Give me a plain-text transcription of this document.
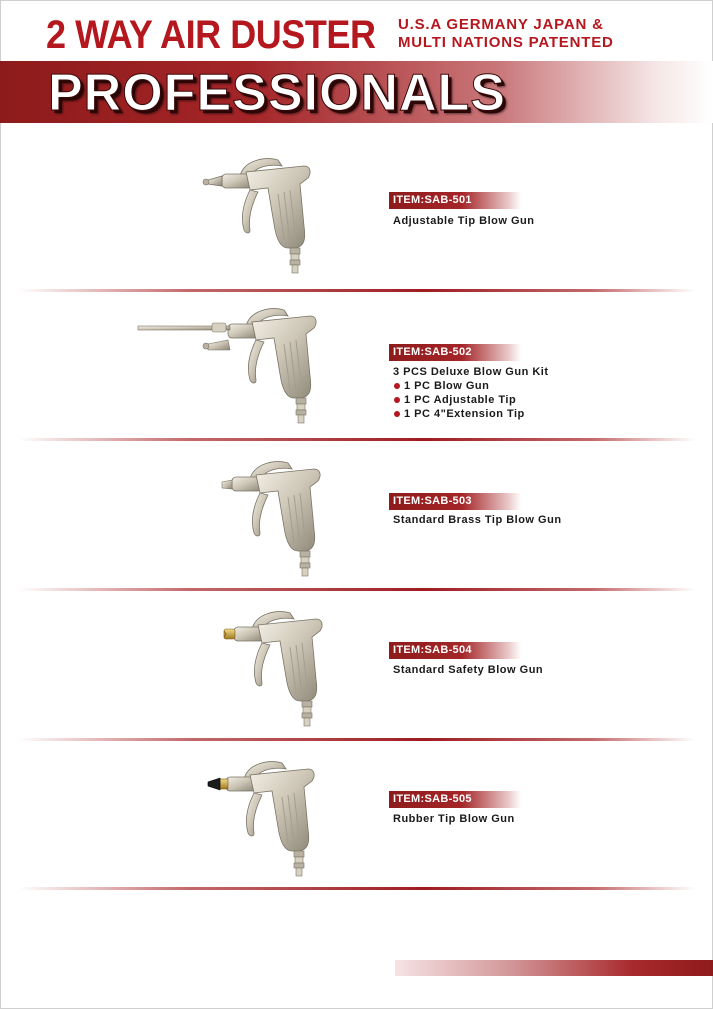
2 WAY AIR DUSTER U.S.A GERMANY JAPAN &
MULTI NATIONS PATENTED
PROFESSIONALS
ITEM:SAB-501
Adjustable Tip Blow Gun
ITEM:SAB-502
3 PCS Deluxe Blow Gun Kit
1 PC Blow Gun
1 PC Adjustable Tip
1 PC 4"Extension Tip
ITEM:SAB-503
Standard Brass Tip Blow Gun
ITEM:SAB-504
Standard Safety Blow Gun
ITEM:SAB-505
Rubber Tip Blow Gun
